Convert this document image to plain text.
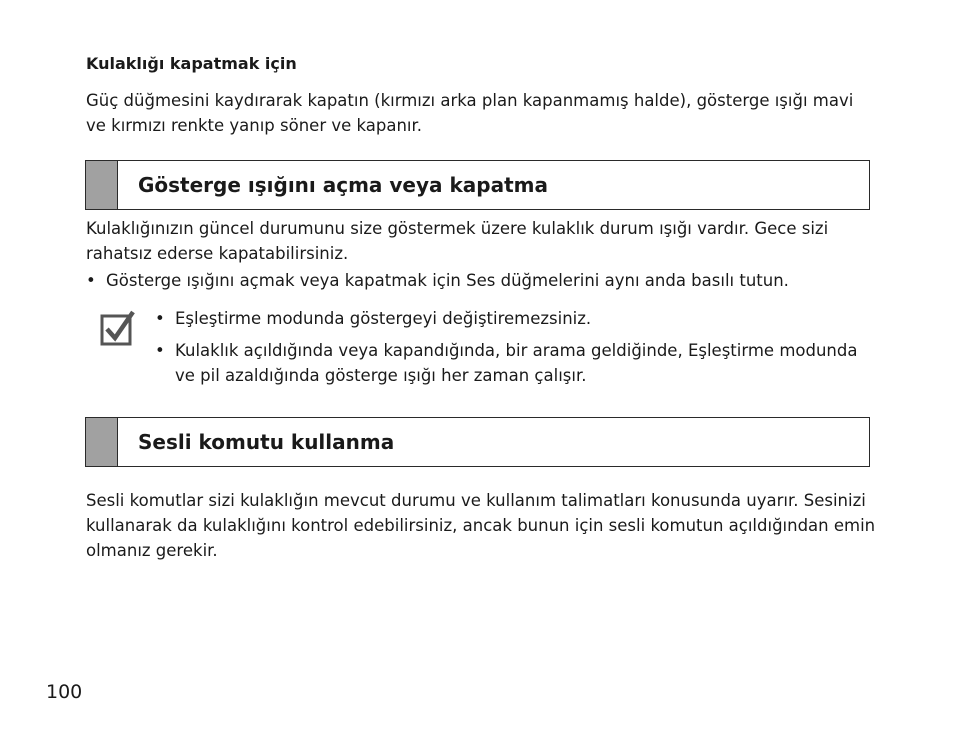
Kulaklığı kapatmak için
Güç düğmesini kaydırarak kapatın (kırmızı arka plan kapanmamış halde), gösterge ışığı mavi ve kırmızı renkte yanıp söner ve kapanır.
Gösterge ışığını açma veya kapatma
Kulaklığınızın güncel durumunu size göstermek üzere kulaklık durum ışığı vardır. Gece sizi rahatsız ederse kapatabilirsiniz.
• Gösterge ışığını açmak veya kapatmak için Ses düğmelerini aynı anda basılı tutun.
• Eşleştirme modunda göstergeyi değiştiremezsiniz.
• Kulaklık açıldığında veya kapandığında, bir arama geldiğinde, Eşleştirme modunda ve pil azaldığında gösterge ışığı her zaman çalışır.
Sesli komutu kullanma
Sesli komutlar sizi kulaklığın mevcut durumu ve kullanım talimatları konusunda uyarır. Sesinizi kullanarak da kulaklığını kontrol edebilirsiniz, ancak bunun için sesli komutun açıldığından emin olmanız gerekir.
100
